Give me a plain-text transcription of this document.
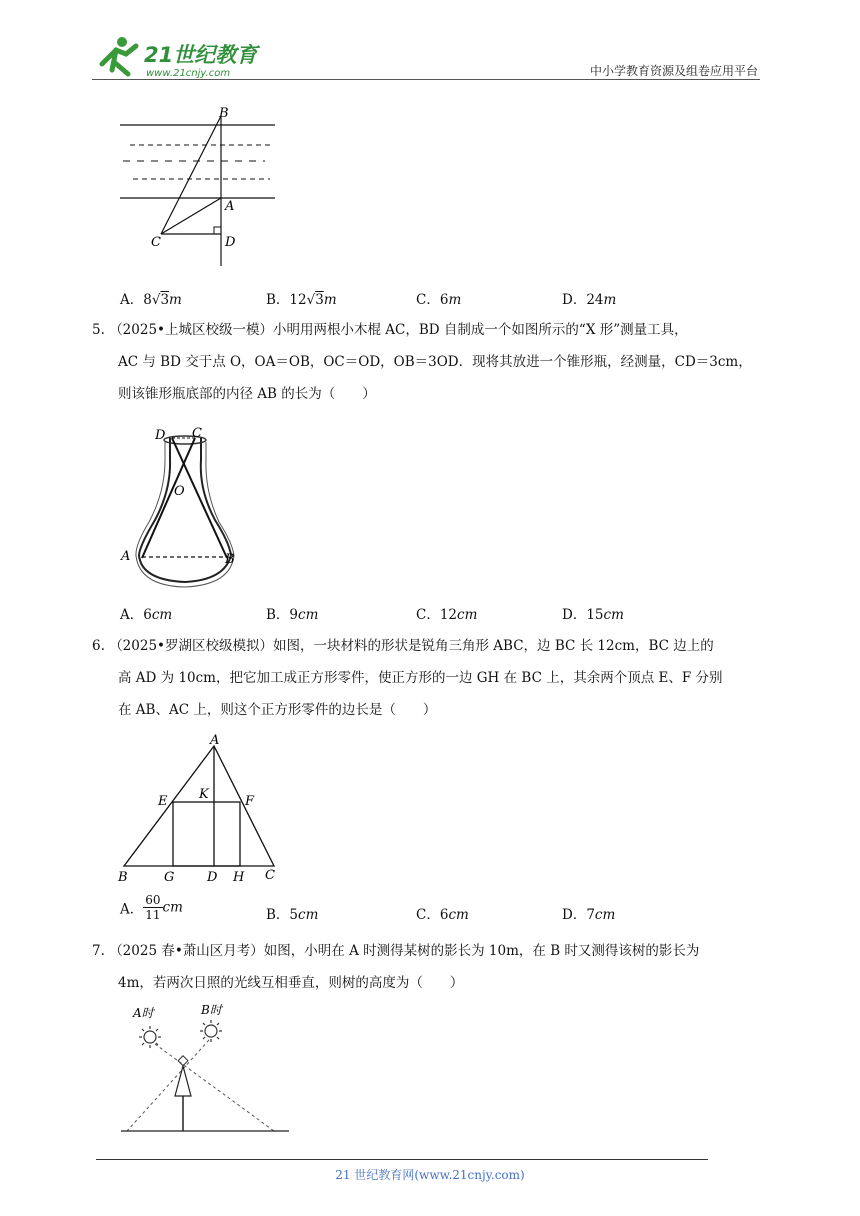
21世纪教育
www.21cnjy.com	中小学教育资源及组卷应用平台
B
A
C	D
A．8√3m	B．12√3m	C．6m	D．24m
5. （2025•上城区校级一模）小明用两根小木棍 AC，BD 自制成一个如图所示的“X 形”测量工具，
AC 与 BD 交于点 O，OA＝OB，OC＝OD，OB＝3OD．现将其放进一个锥形瓶，经测量，CD＝3cm，
则该锥形瓶底部的内径 AB 的长为（　　）
D C
O
A	B
A．6cm	B．9cm	C．12cm	D．15cm
6. （2025•罗湖区校级模拟）如图，一块材料的形状是锐角三角形 ABC，边 BC 长 12cm，BC 边上的
高 AD 为 10cm，把它加工成正方形零件，使正方形的一边 GH 在 BC 上，其余两个顶点 E、F 分别
在 AB、AC 上，则这个正方形零件的边长是（　　）
A
E K	F
B	G	D H C
A． $\frac{60}{11}$ cm	B．5cm	C．6cm	D．7cm
7. （2025 春•萧山区月考）如图，小明在 A 时测得某树的影长为 10m，在 B 时又测得该树的影长为
4m，若两次日照的光线互相垂直，则树的高度为（　　）
A时	B时
21 世纪教育网(www.21cnjy.com)
